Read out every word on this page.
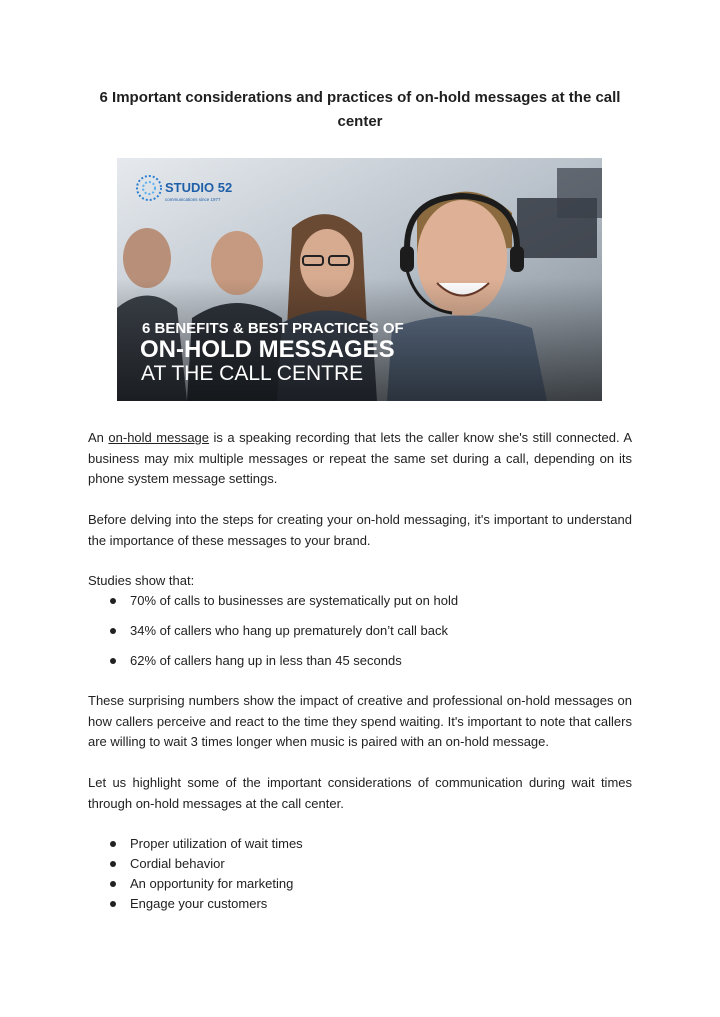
6 Important considerations and practices of on-hold messages at the call center
STUDIO 52
communications since 1977
6 BENEFITS & BEST PRACTICES OF
ON-HOLD MESSAGES
AT THE CALL CENTRE

An on-hold message is a speaking recording that lets the caller know she's still connected. A business may mix multiple messages or repeat the same set during a call, depending on its phone system message settings.

Before delving into the steps for creating your on-hold messaging, it's important to understand the importance of these messages to your brand.

Studies show that:

70% of calls to businesses are systematically put on hold
34% of callers who hang up prematurely don’t call back
62% of callers hang up in less than 45 seconds

These surprising numbers show the impact of creative and professional on-hold messages on how callers perceive and react to the time they spend waiting. It's important to note that callers are willing to wait 3 times longer when music is paired with an on-hold message.

Let us highlight some of the important considerations of communication during wait times through on-hold messages at the call center.

Proper utilization of wait times
Cordial behavior
An opportunity for marketing
Engage your customers
